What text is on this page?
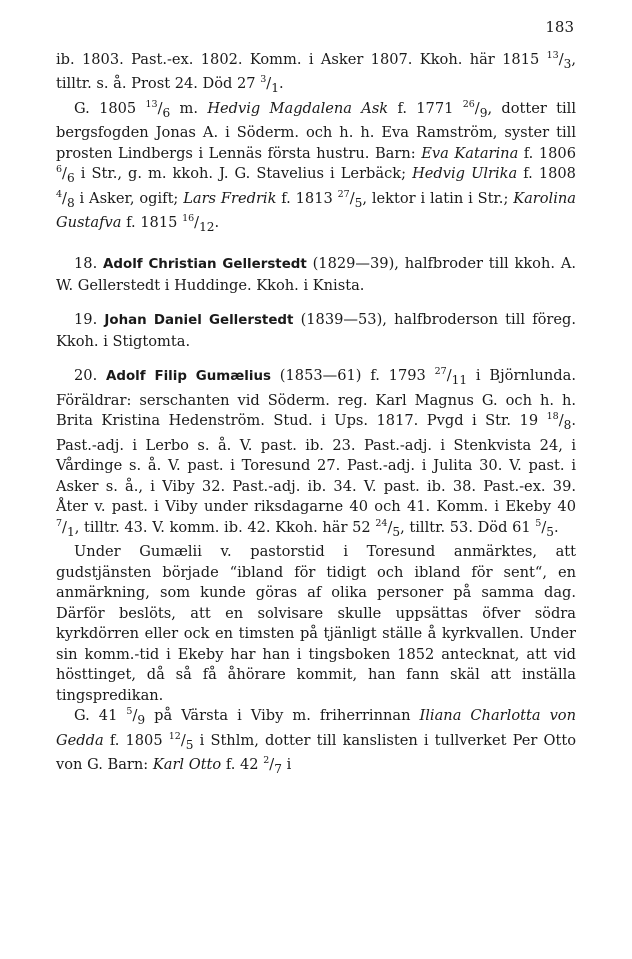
183

ib. 1803. Past.-ex. 1802. Komm. i Asker 1807. Kkoh. här 1815 $^{13}/_3$, tilltr. s. å. Prost 24. Död 27 $^3/_1$.

G. 1805 $^{13}/_6$ m. Hedvig Magdalena Ask f. 1771 $^{26}/_9$, dotter till bergsfogden Jonas A. i Söderm. och h. h. Eva Ramström, syster till prosten Lindbergs i Lennäs första hustru. Barn: Eva Katarina f. 1806 $^6/_6$ i Str., g. m. kkoh. J. G. Stavelius i Lerbäck; Hedvig Ulrika f. 1808 $^4/_8$ i Asker, ogift; Lars Fredrik f. 1813 $^{27}/_5$, lektor i latin i Str.; Karolina Gustafva f. 1815 $^{16}/_{12}$.

18. Adolf Christian Gellerstedt (1829—39), halfbroder till kkoh. A. W. Gellerstedt i Huddinge. Kkoh. i Knista.

19. Johan Daniel Gellerstedt (1839—53), halfbroderson till föreg. Kkoh. i Stigtomta.

20. Adolf Filip Gumælius (1853—61) f. 1793 $^{27}/_{11}$ i Björnlunda. Föräldrar: serschanten vid Söderm. reg. Karl Magnus G. och h. h. Brita Kristina Hedenström. Stud. i Ups. 1817. Pvgd i Str. 19 $^{18}/_8$. Past.-adj. i Lerbo s. å. V. past. ib. 23. Past.-adj. i Stenkvista 24, i Vårdinge s. å. V. past. i Toresund 27. Past.-adj. i Julita 30. V. past. i Asker s. å., i Viby 32. Past.-adj. ib. 34. V. past. ib. 38. Past.-ex. 39. Åter v. past. i Viby under riksdagarne 40 och 41. Komm. i Ekeby 40 $^7/_1$, tilltr. 43. V. komm. ib. 42. Kkoh. här 52 $^{24}/_5$, tilltr. 53. Död 61 $^5/_5$.

Under Gumælii v. pastorstid i Toresund anmärktes, att gudstjänsten började “ibland för tidigt och ibland för sent“, en anmärkning, som kunde göras af olika personer på samma dag. Därför beslöts, att en solvisare skulle uppsättas öfver södra kyrkdörren eller ock en timsten på tjänligt ställe å kyrkvallen. Under sin komm.-tid i Ekeby har han i tingsboken 1852 antecknat, att vid hösttinget, då så få åhörare kommit, han fann skäl att inställa tingspredikan.

G. 41 $^5/_9$ på Värsta i Viby m. friherrinnan Iliana Charlotta von Gedda f. 1805 $^{12}/_5$ i Sthlm, dotter till kanslisten i tullverket Per Otto von G. Barn: Karl Otto f. 42 $^2/_7$ i
